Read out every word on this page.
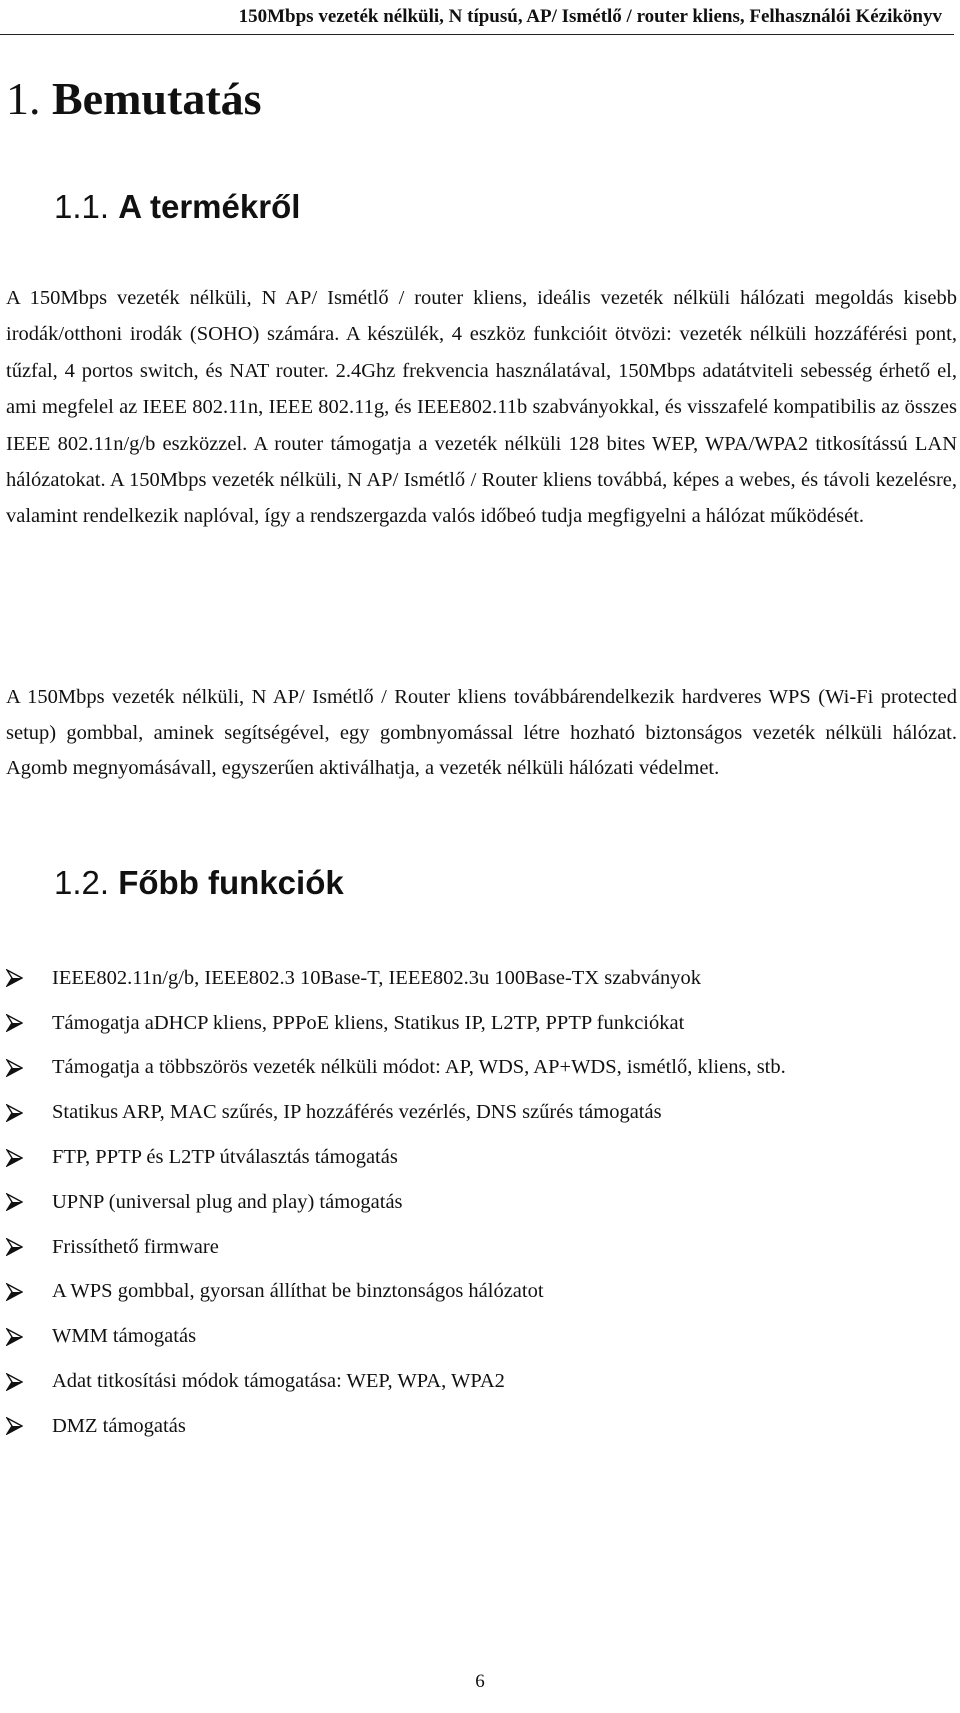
150Mbps vezeték nélküli, N típusú, AP/ Ismétlő / router kliens, Felhasználói Kézikönyv
1. Bemutatás
1.1. A termékről

A 150Mbps vezeték nélküli, N AP/ Ismétlő / router kliens, ideális vezeték nélküli hálózati megoldás kisebb irodák/otthoni irodák (SOHO) számára. A készülék, 4 eszköz funkcióit ötvözi: vezeték nélküli hozzáférési pont, tűzfal, 4 portos switch, és NAT router. 2.4Ghz frekvencia használatával, 150Mbps adatátviteli sebesség érhető el, ami megfelel az IEEE 802.11n, IEEE 802.11g, és IEEE802.11b szabványokkal, és visszafelé kompatibilis az összes IEEE 802.11n/g/b eszközzel. A router támogatja a vezeték nélküli 128 bites WEP, WPA/WPA2 titkosítássú LAN hálózatokat. A 150Mbps vezeték nélküli, N AP/ Ismétlő / Router kliens továbbá, képes a webes, és távoli kezelésre, valamint rendelkezik naplóval, így a rendszergazda valós időbeó tudja megfigyelni a hálózat működését.

A 150Mbps vezeték nélküli, N AP/ Ismétlő / Router kliens továbbárendelkezik hardveres WPS (Wi-Fi protected setup) gombbal, aminek segítségével, egy gombnyomással létre hozható biztonságos vezeték nélküli hálózat. Agomb megnyomásávall, egyszerűen aktiválhatja, a vezeték nélküli hálózati védelmet.

1.2. Főbb funkciók
IEEE802.11n/g/b, IEEE802.3 10Base-T, IEEE802.3u 100Base-TX szabványok
Támogatja aDHCP kliens, PPPoE kliens, Statikus IP, L2TP, PPTP funkciókat
Támogatja a többszörös vezeték nélküli módot: AP, WDS, AP+WDS, ismétlő, kliens, stb.
Statikus ARP, MAC szűrés, IP hozzáférés vezérlés, DNS szűrés támogatás
FTP, PPTP és L2TP útválasztás támogatás
UPNP (universal plug and play) támogatás
Frissíthető firmware
A WPS gombbal, gyorsan állíthat be binztonságos hálózatot
WMM támogatás
Adat titkosítási módok támogatása: WEP, WPA, WPA2
DMZ támogatás
6
